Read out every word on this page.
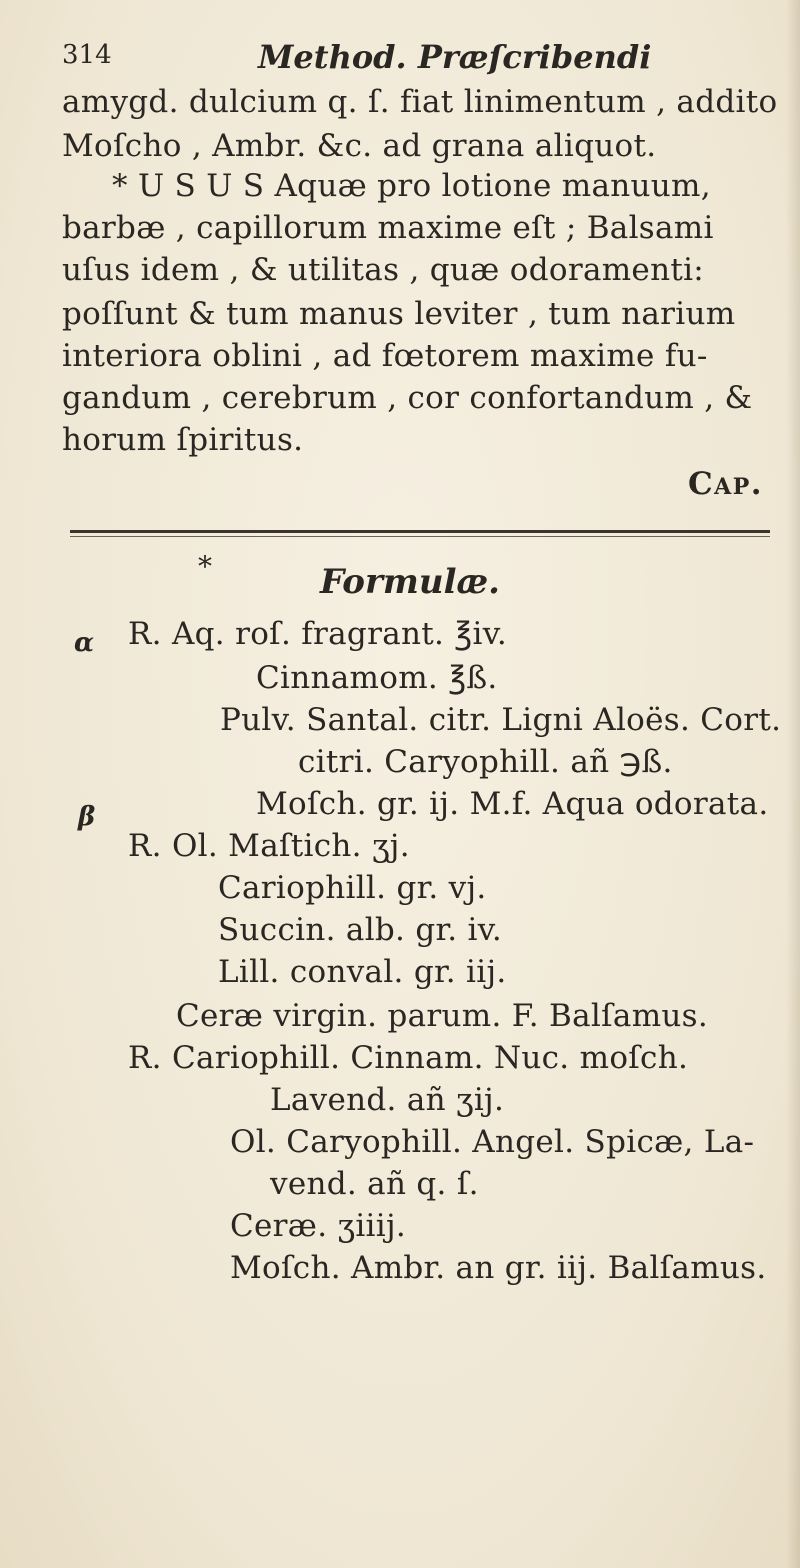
314	Method. Præſcribendi
amygd. dulcium q. ſ. fiat linimentum , addito
Moſcho , Ambr. &c. ad grana aliquot.
* U S U S Aquæ pro lotione manuum,
barbæ , capillorum maxime eſt ; Balsami
uſus idem , & utilitas , quæ odoramenti:
poſſunt & tum manus leviter , tum narium
interiora oblini , ad fœtorem maxime fu-
gandum , cerebrum , cor confortandum , &
horum ſpiritus.
Cap.
*	Formulæ.
α
β
R. Aq. roſ. fragrant. ℥iv.
Cinnamom. ℥ß.
Pulv. Santal. citr. Ligni Aloës. Cort.
citri. Caryophill. añ ℈ß.
Moſch. gr. ij. M.f. Aqua odorata.
R. Ol. Maſtich. ʒj.
Cariophill. gr. vj.
Succin. alb. gr. iv.
Lill. conval. gr. iij.
Ceræ virgin. parum. F. Balſamus.
R. Cariophill. Cinnam. Nuc. moſch.
Lavend. añ ʒij.
Ol. Caryophill. Angel. Spicæ, La-
vend. añ q. ſ.
Ceræ. ʒiiij.
Moſch. Ambr. an gr. iij. Balſamus.
